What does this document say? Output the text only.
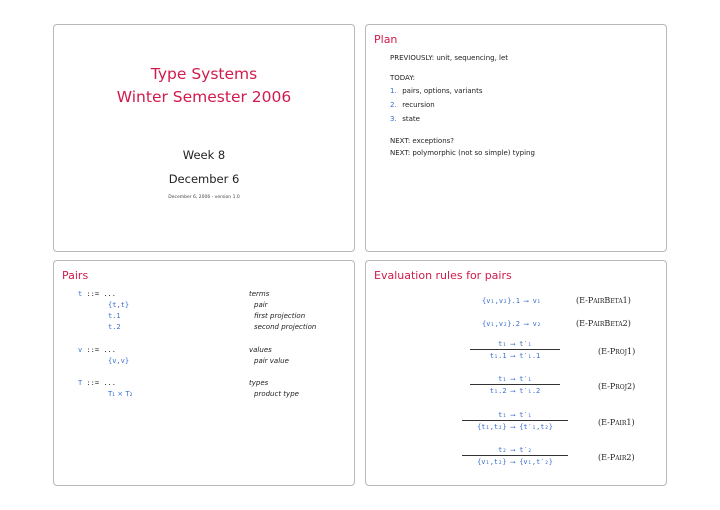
Type Systems
Winter Semester 2006
Week 8
December 6
December 6, 2006 - version 1.0
Plan
PREVIOUSLY: unit, sequencing, let
TODAY:
1. pairs, options, variants
2. recursion
3. state
NEXT: exceptions?
NEXT: polymorphic (not so simple) typing
Pairs
t ::= ...	terms
{t,t}	pair
t.1	first projection
t.2	second projection
v ::= ...	values
{v,v}	pair value
T ::= ...	types
T₁ × T₂	product type
Evaluation rules for pairs
{v₁,v₂}.1 ⟶ v₁	(E-PairBeta1)
{v₁,v₂}.2 ⟶ v₂	(E-PairBeta2)
$\frac{\text{t₁ ⟶ t′₁}}{\text{t₁.1 ⟶ t′₁.1}}$	(E-Proj1)
$\frac{\text{t₁ ⟶ t′₁}}{\text{t₁.2 ⟶ t′₁.2}}$	(E-Proj2)
$\frac{\text{t₁ ⟶ t′₁}}{\text{\{t₁,t₂\} ⟶ \{t′₁,t₂\}}}$	(E-Pair1)
$\frac{\text{t₂ ⟶ t′₂}}{\text{\{v₁,t₂\} ⟶ \{v₁,t′₂\}}}$	(E-Pair2)
